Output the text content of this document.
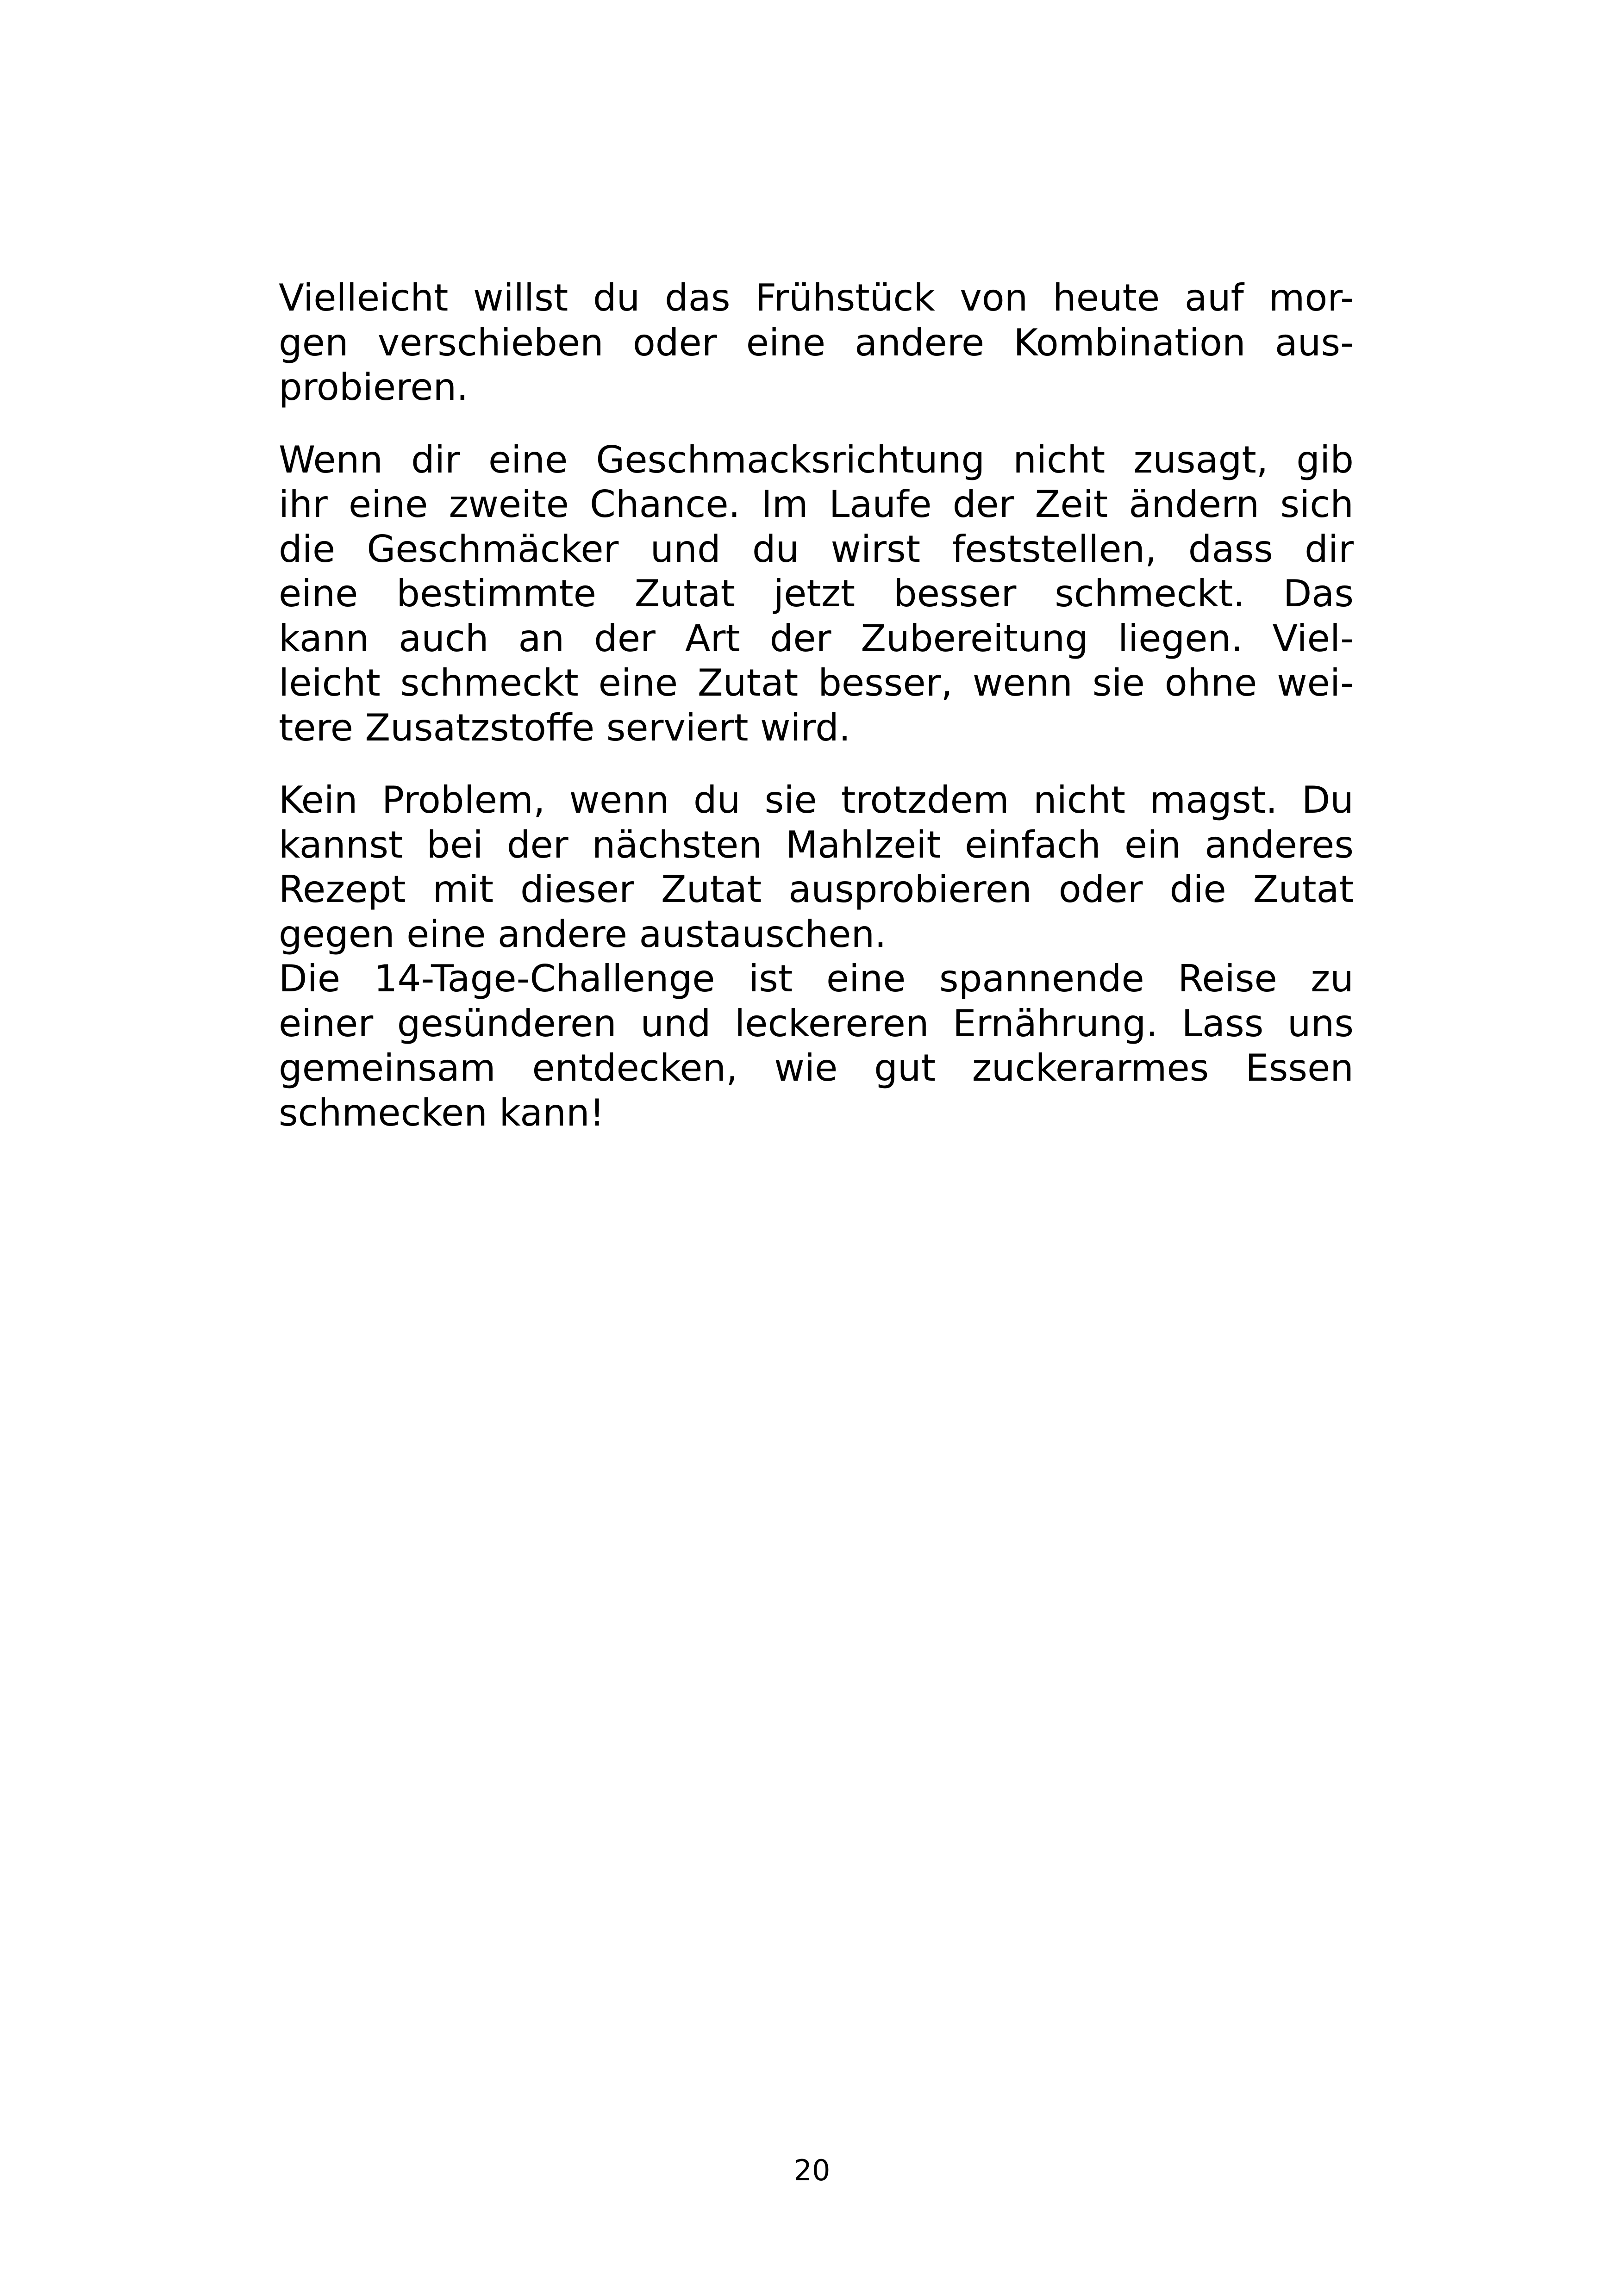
Vielleicht willst du das Frühstück von heute auf mor-
gen verschieben oder eine andere Kombination aus-
probieren.

Wenn dir eine Geschmacksrichtung nicht zusagt, gib
ihr eine zweite Chance. Im Laufe der Zeit ändern sich
die Geschmäcker und du wirst feststellen, dass dir
eine bestimmte Zutat jetzt besser schmeckt. Das
kann auch an der Art der Zubereitung liegen. Viel-
leicht schmeckt eine Zutat besser, wenn sie ohne wei-
tere Zusatzstoffe serviert wird.

Kein Problem, wenn du sie trotzdem nicht magst. Du
kannst bei der nächsten Mahlzeit einfach ein anderes
Rezept mit dieser Zutat ausprobieren oder die Zutat
gegen eine andere austauschen.

Die 14-Tage-Challenge ist eine spannende Reise zu
einer gesünderen und leckereren Ernährung. Lass uns
gemeinsam entdecken, wie gut zuckerarmes Essen
schmecken kann!

20
